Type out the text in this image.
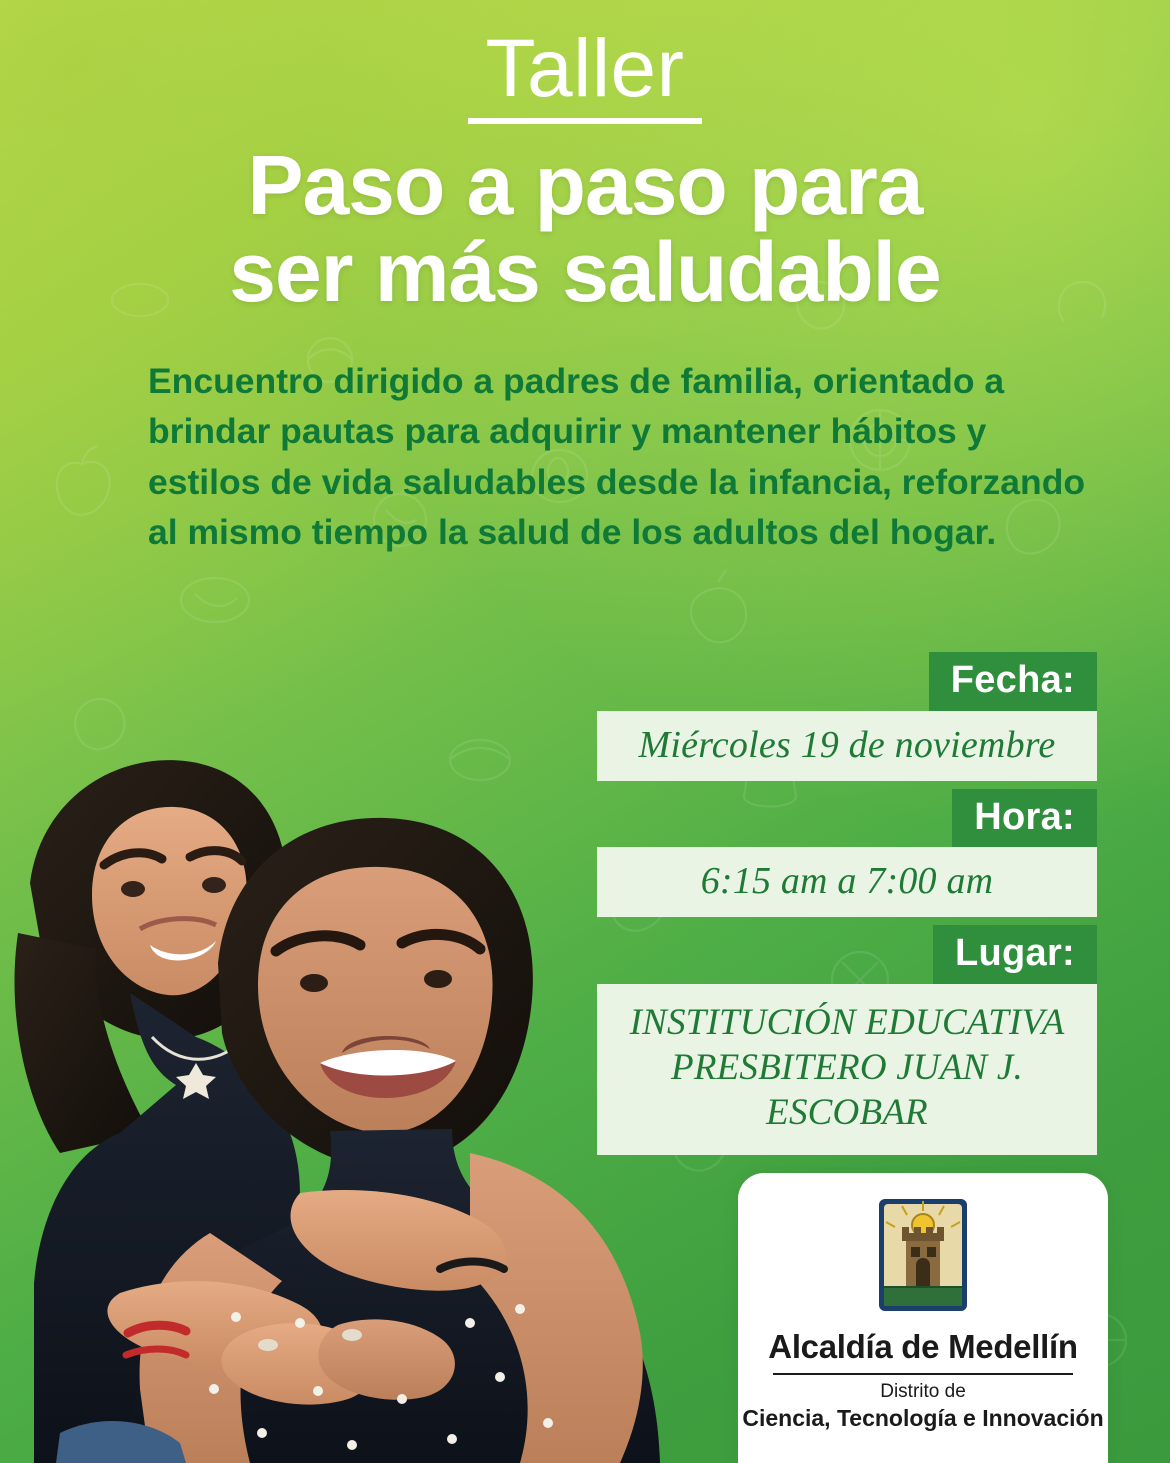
Taller
Paso a paso para
ser más saludable
Encuentro dirigido a padres de familia, orientado a brindar pautas para adquirir y mantener hábitos y estilos de vida saludables desde la infancia, reforzando al mismo tiempo la salud de los adultos del hogar.
Fecha:
Miércoles 19 de noviembre
Hora:
6:15 am a 7:00 am
Lugar:
INSTITUCIÓN EDUCATIVA PRESBITERO JUAN J. ESCOBAR
Alcaldía de Medellín
Distrito de
Ciencia, Tecnología e Innovación
